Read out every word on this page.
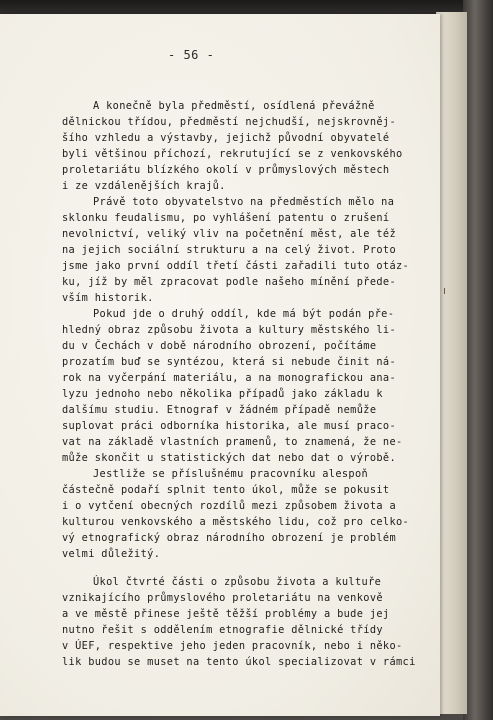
- 56 -
A konečně byla předměstí, osídlená převážně
dělnickou třídou, předměstí nejchudší, nejskrovněj-
šího vzhledu a výstavby, jejichž původní obyvatelé
byli většinou příchozí, rekrutující se z venkovského
proletariátu blízkého okolí v průmyslových městech
i ze vzdálenějších krajů.
Právě toto obyvatelstvo na předměstích mělo na
sklonku feudalismu, po vyhlášení patentu o zrušení
nevolnictví, veliký vliv na početnění měst, ale též
na jejich sociální strukturu a na celý život. Proto
jsme jako první oddíl třetí části zařadili tuto otáz-
ku, jíž by měl zpracovat podle našeho mínění přede-
vším historik.
Pokud jde o druhý oddíl, kde má být podán pře-
hledný obraz způsobu života a kultury městského li-
du v Čechách v době národního obrození, počítáme
prozatím buď se syntézou, která si nebude činit ná-
rok na vyčerpání materiálu, a na monografickou ana-
lyzu jednoho nebo několika případů jako základu k
dalšímu studiu. Etnograf v žádném případě nemůže
suplovat práci odborníka historika, ale musí praco-
vat na základě vlastních pramenů, to znamená, že ne-
může skončit u statistických dat nebo dat o výrobě.
Jestliže se příslušnému pracovníku alespoň
částečně podaří splnit tento úkol, může se pokusit
i o vytčení obecných rozdílů mezi způsobem života a
kulturou venkovského a městského lidu, což pro celko-
vý etnografický obraz národního obrození je problém
velmi důležitý.
Úkol čtvrté části o způsobu života a kultuře
vznikajícího průmyslového proletariátu na venkově
a ve městě přinese ještě těžší problémy a bude jej
nutno řešit s oddělením etnografie dělnické třídy
v ÚEF, respektive jeho jeden pracovník, nebo i něko-
lik budou se muset na tento úkol specializovat v rámci
